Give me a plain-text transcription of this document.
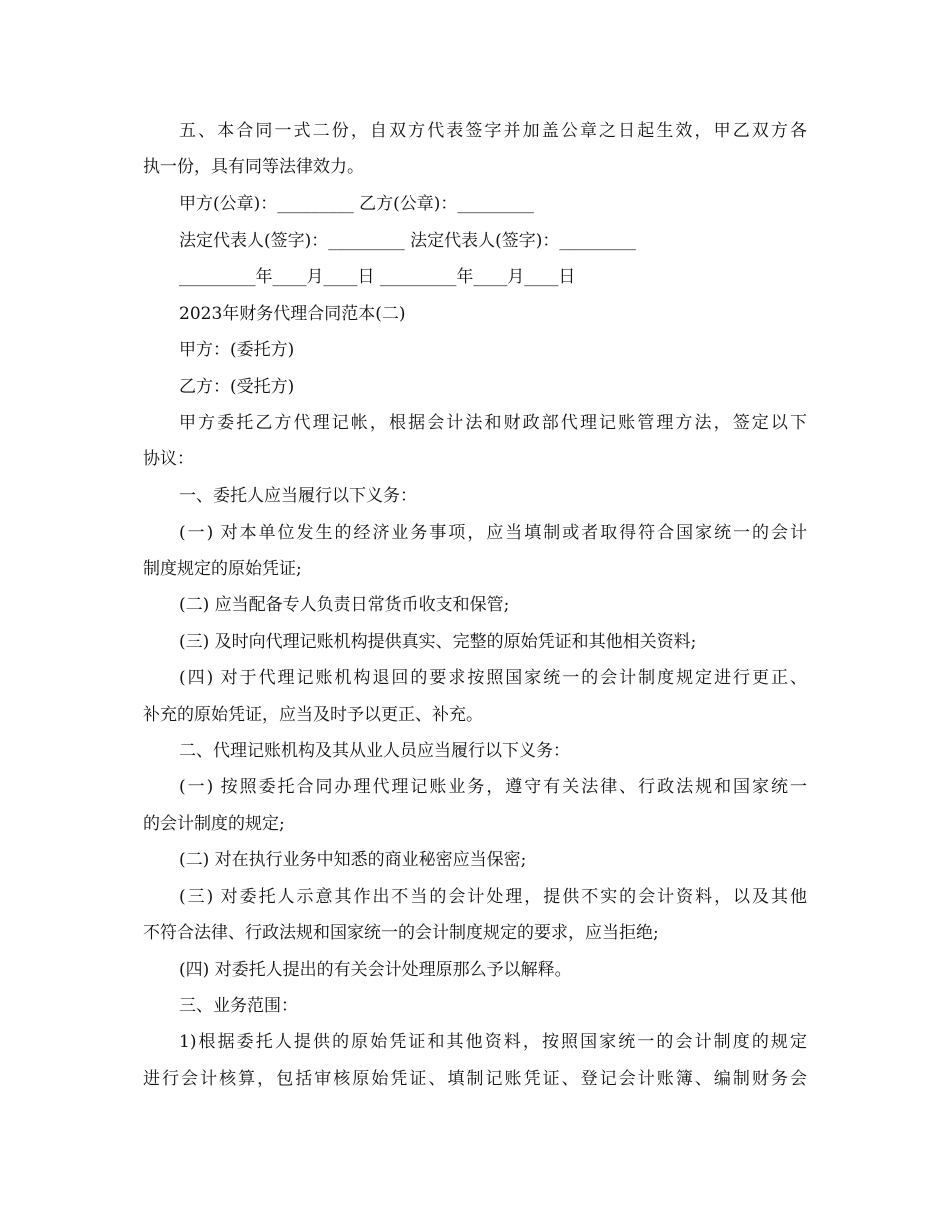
五、本合同一式二份，自双方代表签字并加盖公章之日起生效，甲乙双方各
执一份，具有同等法律效力。
甲方(公章)：_________ 乙方(公章)：_________
法定代表人(签字)：_________ 法定代表人(签字)：_________
_________年____月____日 _________年____月____日
2023年财务代理合同范本(二)
甲方：(委托方)
乙方：(受托方)
甲方委托乙方代理记帐，根据会计法和财政部代理记账管理方法，签定以下
协议：
一、委托人应当履行以下义务：
(一) 对本单位发生的经济业务事项，应当填制或者取得符合国家统一的会计
制度规定的原始凭证;
(二) 应当配备专人负责日常货币收支和保管;
(三) 及时向代理记账机构提供真实、完整的原始凭证和其他相关资料;
(四) 对于代理记账机构退回的要求按照国家统一的会计制度规定进行更正、
补充的原始凭证，应当及时予以更正、补充。
二、代理记账机构及其从业人员应当履行以下义务：
(一) 按照委托合同办理代理记账业务，遵守有关法律、行政法规和国家统一
的会计制度的规定;
(二) 对在执行业务中知悉的商业秘密应当保密;
(三) 对委托人示意其作出不当的会计处理，提供不实的会计资料，以及其他
不符合法律、行政法规和国家统一的会计制度规定的要求，应当拒绝;
(四) 对委托人提出的有关会计处理原那么予以解释。
三、业务范围：
1)根据委托人提供的原始凭证和其他资料，按照国家统一的会计制度的规定
进行会计核算，包括审核原始凭证、填制记账凭证、登记会计账簿、编制财务会
